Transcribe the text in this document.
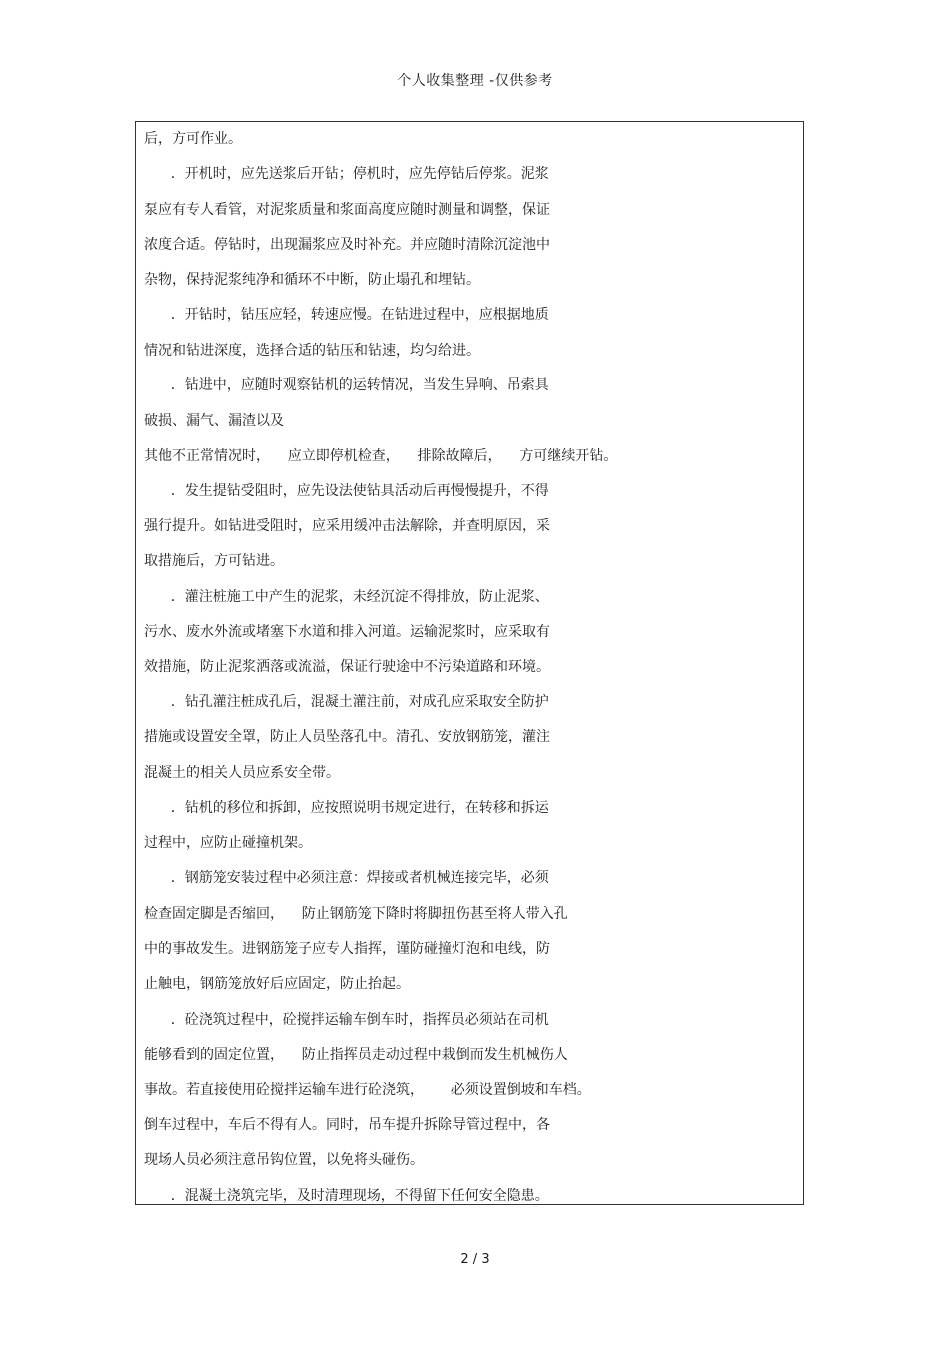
个人收集整理 -仅供参考
后，方可作业。
．开机时，应先送浆后开钻；停机时，应先停钻后停浆。泥浆
泵应有专人看管，对泥浆质量和浆面高度应随时测量和调整，保证
浓度合适。停钻时，出现漏浆应及时补充。并应随时清除沉淀池中
杂物，保持泥浆纯净和循环不中断，防止塌孔和埋钻。
．开钻时，钻压应轻，转速应慢。在钻进过程中，应根据地质
情况和钻进深度，选择合适的钻压和钻速，均匀给进。
．钻进中，应随时观察钻机的运转情况，当发生异响、吊索具
破损、漏气、漏渣以及
其他不正常情况时，    应立即停机检查，    排除故障后，    方可继续开钻。
．发生提钻受阻时，应先设法使钻具活动后再慢慢提升，不得
强行提升。如钻进受阻时，应采用缓冲击法解除，并查明原因，采
取措施后，方可钻进。
．灌注桩施工中产生的泥浆，未经沉淀不得排放，防止泥浆、
污水、废水外流或堵塞下水道和排入河道。运输泥浆时，应采取有
效措施，防止泥浆洒落或流溢，保证行驶途中不污染道路和环境。
．钻孔灌注桩成孔后，混凝土灌注前，对成孔应采取安全防护
措施或设置安全罩，防止人员坠落孔中。清孔、安放钢筋笼，灌注
混凝土的相关人员应系安全带。
．钻机的移位和拆卸，应按照说明书规定进行，在转移和拆运
过程中，应防止碰撞机架。
．钢筋笼安装过程中必须注意：焊接或者机械连接完毕，必须
检查固定脚是否缩回，    防止钢筋笼下降时将脚扭伤甚至将人带入孔
中的事故发生。进钢筋笼子应专人指挥，谨防碰撞灯泡和电线，防
止触电，钢筋笼放好后应固定，防止抬起。
．砼浇筑过程中，砼搅拌运输车倒车时，指挥员必须站在司机
能够看到的固定位置，    防止指挥员走动过程中栽倒而发生机械伤人
事故。若直接使用砼搅拌运输车进行砼浇筑，      必须设置倒坡和车档。
倒车过程中，车后不得有人。同时，吊车提升拆除导管过程中，各
现场人员必须注意吊钩位置，以免将头碰伤。
．混凝土浇筑完毕，及时清理现场，不得留下任何安全隐患。
2 / 3
